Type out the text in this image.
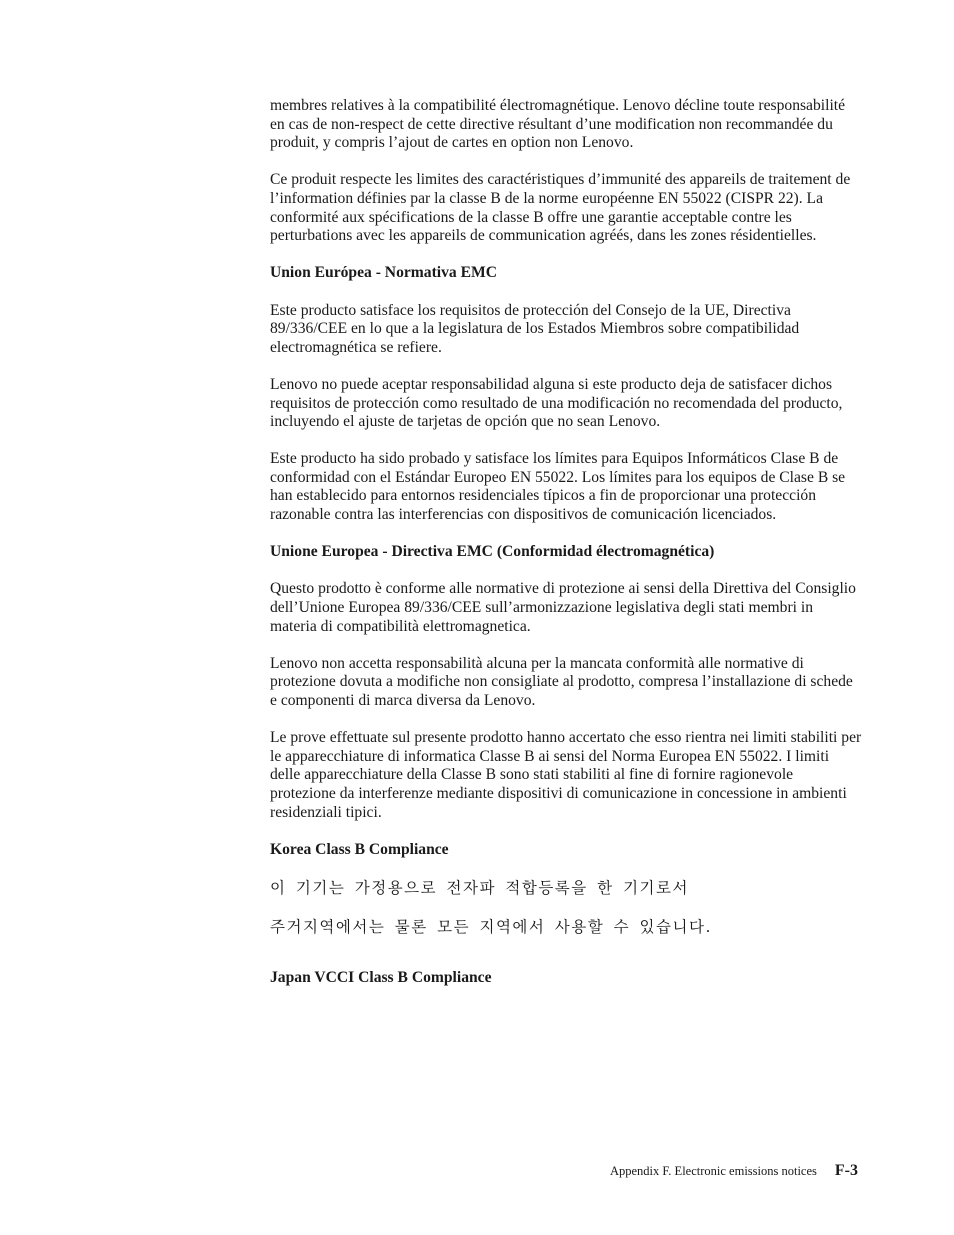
membres relatives à la compatibilité électromagnétique. Lenovo décline toute responsabilité en cas de non-respect de cette directive résultant d’une modification non recommandée du produit, y compris l’ajout de cartes en option non Lenovo.

Ce produit respecte les limites des caractéristiques d’immunité des appareils de traitement de l’information définies par la classe B de la norme européenne EN 55022 (CISPR 22). La conformité aux spécifications de la classe B offre une garantie acceptable contre les perturbations avec les appareils de communication agréés, dans les zones résidentielles.

Union Európea - Normativa EMC

Este producto satisface los requisitos de protección del Consejo de la UE, Directiva 89/336/CEE en lo que a la legislatura de los Estados Miembros sobre compatibilidad electromagnética se refiere.

Lenovo no puede aceptar responsabilidad alguna si este producto deja de satisfacer dichos requisitos de protección como resultado de una modificación no recomendada del producto, incluyendo el ajuste de tarjetas de opción que no sean Lenovo.

Este producto ha sido probado y satisface los límites para Equipos Informáticos Clase B de conformidad con el Estándar Europeo EN 55022. Los límites para los equipos de Clase B se han establecido para entornos residenciales típicos a fin de proporcionar una protección razonable contra las interferencias con dispositivos de comunicación licenciados.

Unione Europea - Directiva EMC (Conformidad électromagnética)

Questo prodotto è conforme alle normative di protezione ai sensi della Direttiva del Consiglio dell’Unione Europea 89/336/CEE sull’armonizzazione legislativa degli stati membri in materia di compatibilità elettromagnetica.

Lenovo non accetta responsabilità alcuna per la mancata conformità alle normative di protezione dovuta a modifiche non consigliate al prodotto, compresa l’installazione di schede e componenti di marca diversa da Lenovo.

Le prove effettuate sul presente prodotto hanno accertato che esso rientra nei limiti stabiliti per le apparecchiature di informatica Classe B ai sensi del Norma Europea EN 55022. I limiti delle apparecchiature della Classe B sono stati stabiliti al fine di fornire ragionevole protezione da interferenze mediante dispositivi di comunicazione in concessione in ambienti residenziali tipici.

Korea Class B Compliance

이 기기는 가정용으로 전자파 적합등록을 한 기기로서

주거지역에서는 물론 모든 지역에서 사용할 수 있습니다.

Japan VCCI Class B Compliance
Appendix F. Electronic emissions notices F-3
